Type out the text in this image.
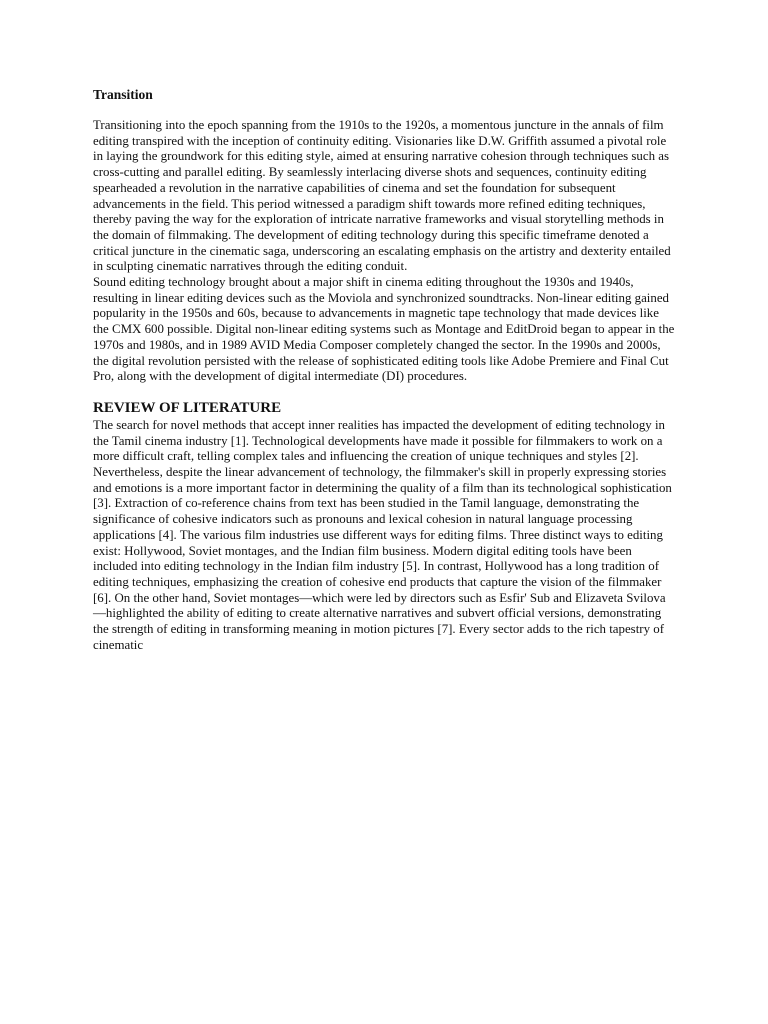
Transition

Transitioning into the epoch spanning from the 1910s to the 1920s, a momentous juncture in the annals of film editing transpired with the inception of continuity editing. Visionaries like D.W. Griffith assumed a pivotal role in laying the groundwork for this editing style, aimed at ensuring narrative cohesion through techniques such as cross-cutting and parallel editing. By seamlessly interlacing diverse shots and sequences, continuity editing spearheaded a revolution in the narrative capabilities of cinema and set the foundation for subsequent advancements in the field. This period witnessed a paradigm shift towards more refined editing techniques, thereby paving the way for the exploration of intricate narrative frameworks and visual storytelling methods in the domain of filmmaking. The development of editing technology during this specific timeframe denoted a critical juncture in the cinematic saga, underscoring an escalating emphasis on the artistry and dexterity entailed in sculpting cinematic narratives through the editing conduit.

Sound editing technology brought about a major shift in cinema editing throughout the 1930s and 1940s, resulting in linear editing devices such as the Moviola and synchronized soundtracks. Non-linear editing gained popularity in the 1950s and 60s, because to advancements in magnetic tape technology that made devices like the CMX 600 possible. Digital non-linear editing systems such as Montage and EditDroid began to appear in the 1970s and 1980s, and in 1989 AVID Media Composer completely changed the sector. In the 1990s and 2000s, the digital revolution persisted with the release of sophisticated editing tools like Adobe Premiere and Final Cut Pro, along with the development of digital intermediate (DI) procedures.

REVIEW OF LITERATURE

The search for novel methods that accept inner realities has impacted the development of editing technology in the Tamil cinema industry [1]. Technological developments have made it possible for filmmakers to work on a more difficult craft, telling complex tales and influencing the creation of unique techniques and styles [2]. Nevertheless, despite the linear advancement of technology, the filmmaker's skill in properly expressing stories and emotions is a more important factor in determining the quality of a film than its technological sophistication [3]. Extraction of co-reference chains from text has been studied in the Tamil language, demonstrating the significance of cohesive indicators such as pronouns and lexical cohesion in natural language processing applications [4]. The various film industries use different ways for editing films. Three distinct ways to editing exist: Hollywood, Soviet montages, and the Indian film business. Modern digital editing tools have been included into editing technology in the Indian film industry [5]. In contrast, Hollywood has a long tradition of editing techniques, emphasizing the creation of cohesive end products that capture the vision of the filmmaker [6]. On the other hand, Soviet montages—which were led by directors such as Esfir' Sub and Elizaveta Svilova—highlighted the ability of editing to create alternative narratives and subvert official versions, demonstrating the strength of editing in transforming meaning in motion pictures [7]. Every sector adds to the rich tapestry of cinematic
